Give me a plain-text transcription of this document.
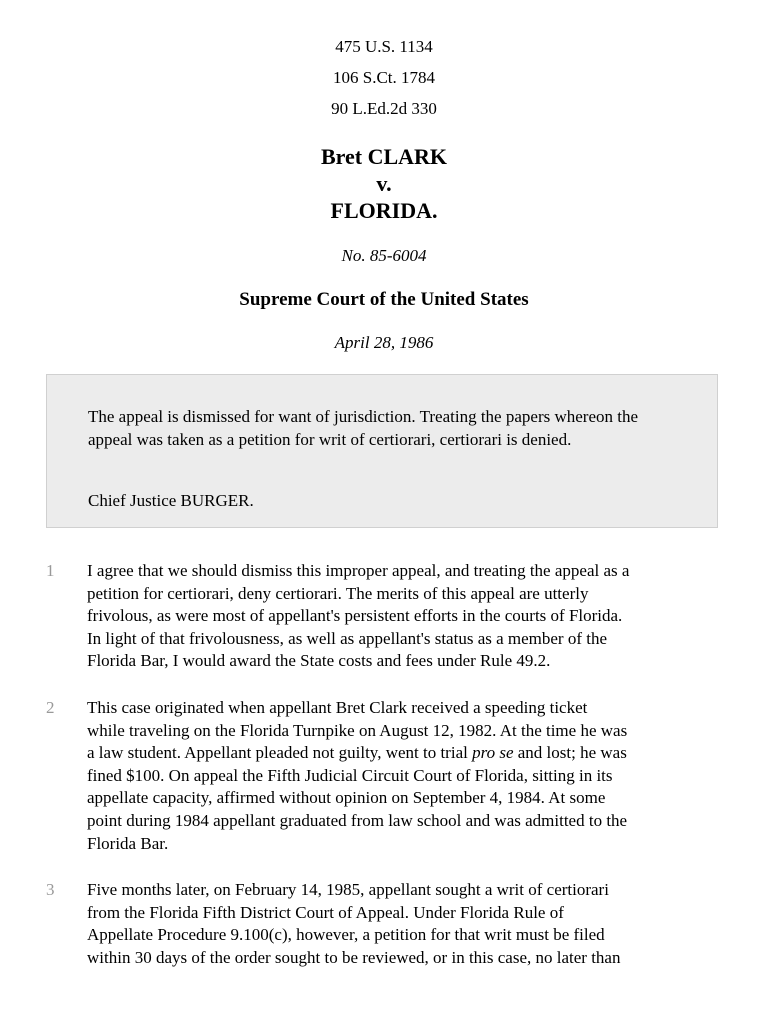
475 U.S. 1134
106 S.Ct. 1784
90 L.Ed.2d 330
Bret CLARK
v.
FLORIDA.
No. 85-6004
Supreme Court of the United States
April 28, 1986
The appeal is dismissed for want of jurisdiction. Treating the papers whereon the appeal was taken as a petition for writ of certiorari, certiorari is denied.
Chief Justice BURGER.
1 I agree that we should dismiss this improper appeal, and treating the appeal as a
petition for certiorari, deny certiorari. The merits of this appeal are utterly
frivolous, as were most of appellant's persistent efforts in the courts of Florida.
In light of that frivolousness, as well as appellant's status as a member of the
Florida Bar, I would award the State costs and fees under Rule 49.2.
2 This case originated when appellant Bret Clark received a speeding ticket
while traveling on the Florida Turnpike on August 12, 1982. At the time he was
a law student. Appellant pleaded not guilty, went to trial pro se and lost; he was
fined $100. On appeal the Fifth Judicial Circuit Court of Florida, sitting in its
appellate capacity, affirmed without opinion on September 4, 1984. At some
point during 1984 appellant graduated from law school and was admitted to the
Florida Bar.
3 Five months later, on February 14, 1985, appellant sought a writ of certiorari
from the Florida Fifth District Court of Appeal. Under Florida Rule of
Appellate Procedure 9.100(c), however, a petition for that writ must be filed
within 30 days of the order sought to be reviewed, or in this case, no later than
